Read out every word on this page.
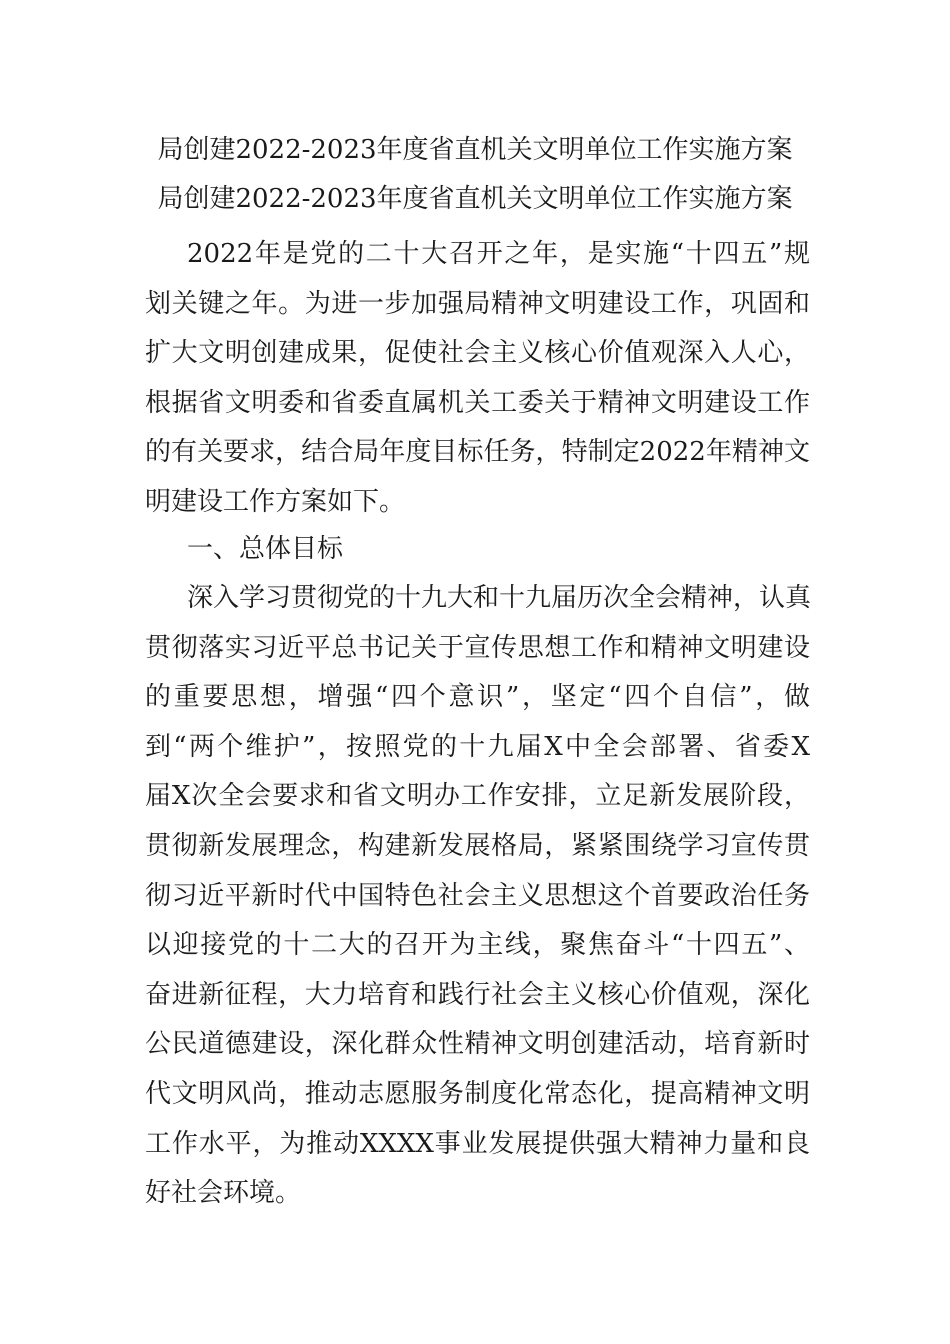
局创建2022-2023年度省直机关文明单位工作实施方案
局创建2022-2023年度省直机关文明单位工作实施方案
2022年是党的二十大召开之年，是实施“十四五”规
划关键之年。为进一步加强局精神文明建设工作，巩固和
扩大文明创建成果，促使社会主义核心价值观深入人心，
根据省文明委和省委直属机关工委关于精神文明建设工作
的有关要求，结合局年度目标任务，特制定2022年精神文
明建设工作方案如下。
一、总体目标
深入学习贯彻党的十九大和十九届历次全会精神，认真
贯彻落实习近平总书记关于宣传思想工作和精神文明建设
的重要思想，增强“四个意识”，坚定“四个自信”，做
到“两个维护”，按照党的十九届X中全会部署、省委X
届X次全会要求和省文明办工作安排，立足新发展阶段，
贯彻新发展理念，构建新发展格局，紧紧围绕学习宣传贯
彻习近平新时代中国特色社会主义思想这个首要政治任务
以迎接党的十二大的召开为主线，聚焦奋斗“十四五”、
奋进新征程，大力培育和践行社会主义核心价值观，深化
公民道德建设，深化群众性精神文明创建活动，培育新时
代文明风尚，推动志愿服务制度化常态化，提高精神文明
工作水平，为推动XXXX事业发展提供强大精神力量和良
好社会环境。
